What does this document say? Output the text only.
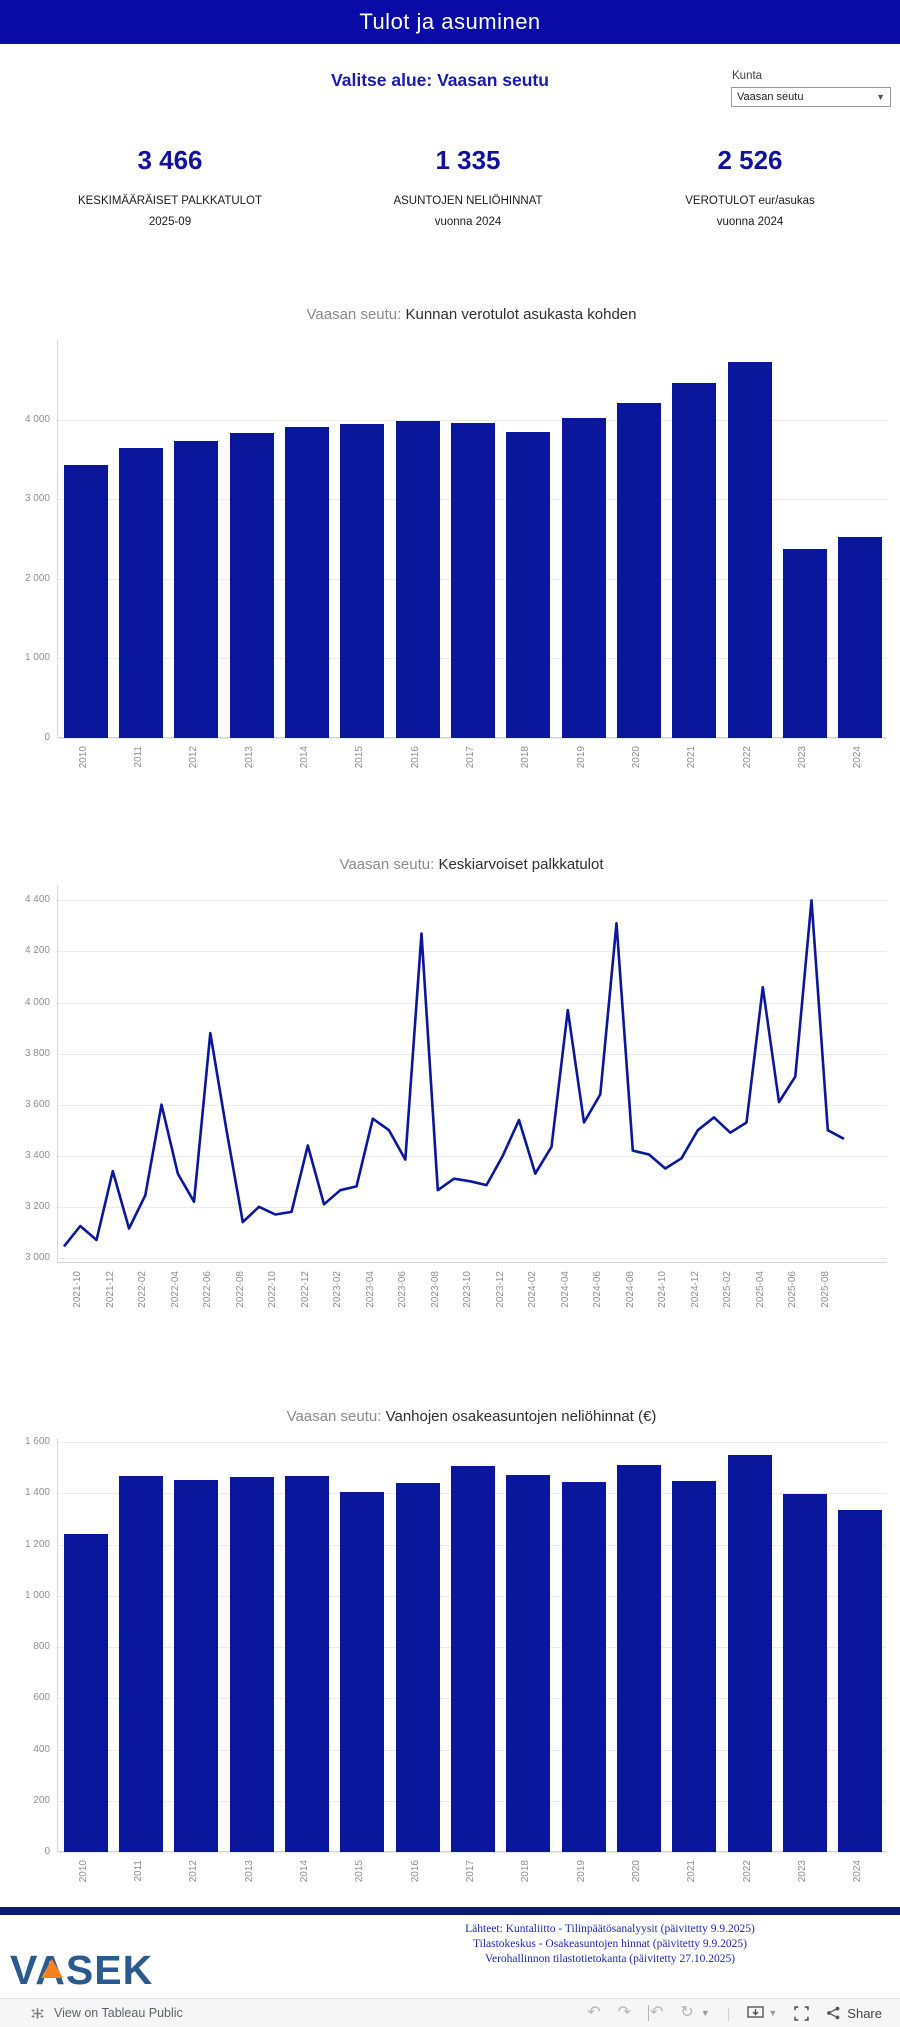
Tulot ja asuminen
Valitse alue: Vaasan seutu	Kunta
Vaasan seutu	▼
3 466
KESKIMÄÄRÄISET PALKKATULOT
2025-09
1 335
ASUNTOJEN NELIÖHINNAT
vuonna 2024
2 526
VEROTULOT eur/asukas
vuonna 2024
Vaasan seutu: Kunnan verotulot asukasta kohden
0
1 000
2 000
3 000
4 000
2010	2011	2012	2013	2014	2015	2016	2017	2018	2019	2020	2021	2022	2023	2024
Vaasan seutu: Keskiarvoiset palkkatulot
3 000
3 200
3 400
3 600
3 800
4 000
4 200
4 400
2021-10 2021-12 2022-02 2022-04 2022-06 2022-08 2022-10 2022-12 2023-02 2023-04 2023-06 2023-08 2023-10 2023-12 2024-02 2024-04 2024-06 2024-08 2024-10 2024-12 2025-02 2025-04 2025-06 2025-08
Vaasan seutu: Vanhojen osakeasuntojen neliöhinnat (€)
0
200
400
600
800
1 000
1 200
1 400
1 600
2010	2011	2012	2013	2014	2015	2016	2017	2018	2019	2020	2021	2022	2023	2024
VASEK
Lähteet: Kuntaliitto - Tilinpäätösanalyysit (päivitetty 9.9.2025)
Tilastokeskus - Osakeasuntojen hinnat (päivitetty 9.9.2025)
Verohallinnon tilastotietokanta (päivitetty 27.10.2025)
View on Tableau Public	↶ ↷ ↶ ↻ ▼ |	▼	Share
